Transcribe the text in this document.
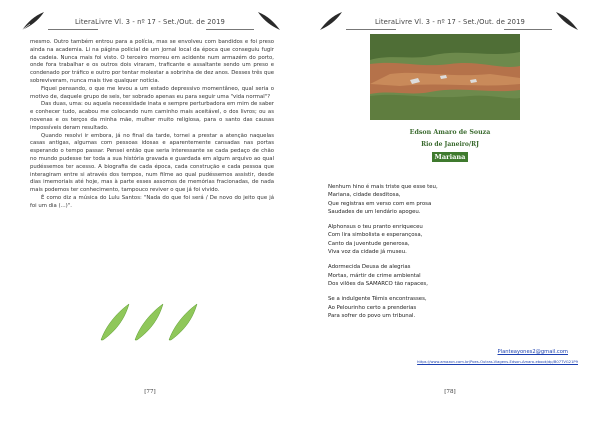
LiteraLivre Vl. 3 - nº 17 - Set./Out. de 2019

mesmo. Outro também entrou para a polícia, mas se envolveu com bandidos e foi preso ainda na academia. Li na página policial de um jornal local da época que conseguiu fugir da cadeia. Nunca mais foi visto. O terceiro morreu em acidente num armazém do porto, onde fora trabalhar e os outros dois viraram, traficante e assaltante sendo um preso e condenado por tráfico e outro por tentar molestar a sobrinha de dez anos. Desses três que sobreviveram, nunca mais tive qualquer notícia.

Fiquei pensando, o que me levou a um estado depressivo momentâneo, qual seria o motivo de, daquele grupo de seis, ter sobrado apenas eu para seguir uma "vida normal"?

Das duas, uma: ou aquela necessidade inata e sempre perturbadora em mim de saber e conhecer tudo, acabou me colocando num caminho mais aceitável, o dos livros; ou as novenas e os terços da minha mãe, mulher muito religiosa, para o santo das causas impossíveis deram resultado.

Quando resolvi ir embora, já no final da tarde, tornei a prestar a atenção naquelas casas antigas, algumas com pessoas idosas e aparentemente cansadas nas portas esperando o tempo passar. Pensei então que seria interessante se cada pedaço de chão no mundo pudesse ter toda a sua história gravada e guardada em algum arquivo ao qual pudéssemos ter acesso. A biografia de cada época, cada construção e cada pessoa que interagiram entre si através dos tempos, num filme ao qual pudéssemos assistir, desde dias imemoriais até hoje, mas à parte esses assomos de memórias fracionadas, de nada mais podemos ter conhecimento, tampouco reviver o que já foi vivido.

É como diz a música do Lulu Santos: "Nada do que foi será / De novo do jeito que já foi um dia (...)".

[77]
LiteraLivre Vl. 3 - nº 17 - Set./Out. de 2019
Edson Amaro de Souza
Rio de Janeiro/RJ
Mariana
Nenhum hino é mais triste que esse teu,
Mariana, cidade desditosa,
Que registras em verso com em prosa
Saudades de um lendário apogeu.
Alphonsus o teu pranto enriqueceu
Com lira simbolista e esperançosa,
Canto da juventude generosa,
Viva voz da cidade já museu.
Adormecida Deusa de alegrias
Mortas, mártir de crime ambiental
Dos vilões da SAMARCO tão rapaces,
Se a indulgente Têmis encontrasses,
Ao Pelourinho certo a prenderias
Para sofrer do povo um tribunal.
Planteayones2@gmail.com
https://www.amazon.com.br/Poes-Outras-Viagens-Edson-Amaro-ebook/dp/B07TVG21P9
[78]
